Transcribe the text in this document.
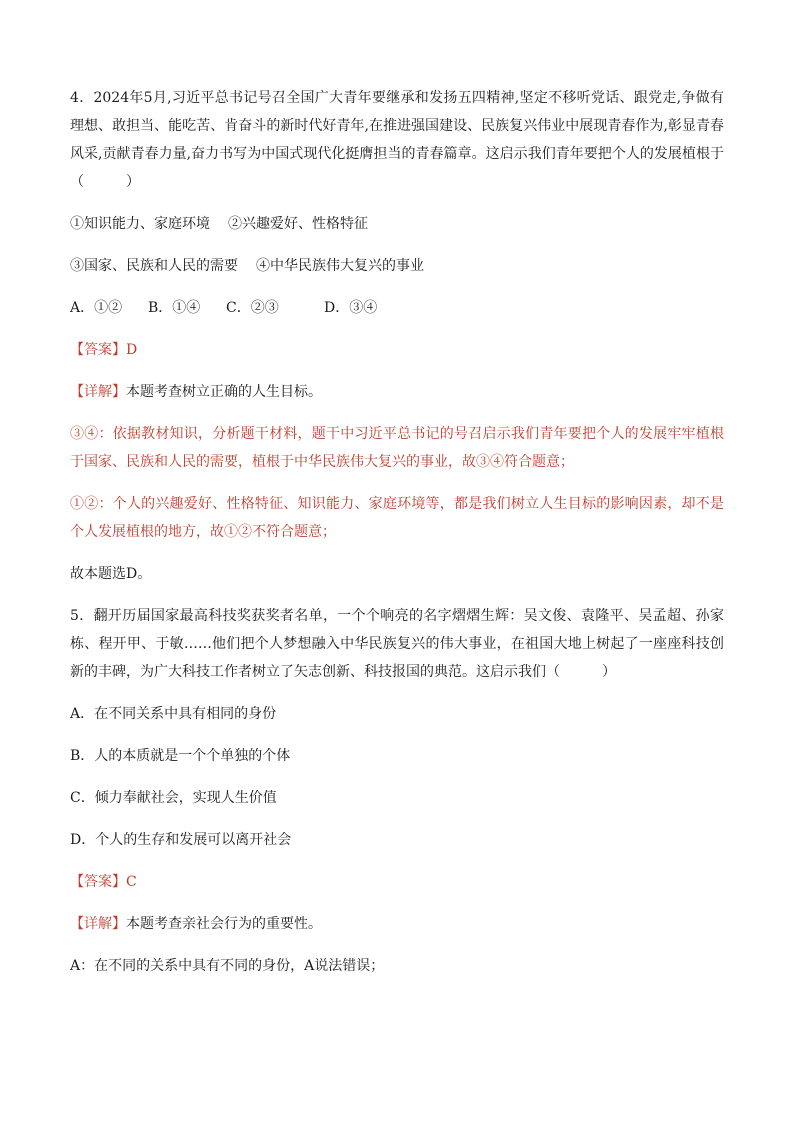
4．2024年5月,习近平总书记号召全国广大青年要继承和发扬五四精神,坚定不移听党话、跟党走,争做有理想、敢担当、能吃苦、肯奋斗的新时代好青年,在推进强国建设、民族复兴伟业中展现青春作为,彰显青春风采,贡献青春力量,奋力书写为中国式现代化挺膺担当的青春篇章。这启示我们青年要把个人的发展植根于（　　　）

①知识能力、家庭环境 ②兴趣爱好、性格特征

③国家、民族和人民的需要 ④中华民族伟大复兴的事业

A．①② B．①④ C．②③	D．③④

【答案】D

【详解】本题考查树立正确的人生目标。

③④：依据教材知识，分析题干材料，题干中习近平总书记的号召启示我们青年要把个人的发展牢牢植根于国家、民族和人民的需要，植根于中华民族伟大复兴的事业，故③④符合题意；

①②：个人的兴趣爱好、性格特征、知识能力、家庭环境等，都是我们树立人生目标的影响因素，却不是个人发展植根的地方，故①②不符合题意；

故本题选D。

5．翻开历届国家最高科技奖获奖者名单，一个个响亮的名字熠熠生辉：吴文俊、袁隆平、吴孟超、孙家栋、程开甲、于敏……他们把个人梦想融入中华民族复兴的伟大事业，在祖国大地上树起了一座座科技创新的丰碑，为广大科技工作者树立了矢志创新、科技报国的典范。这启示我们（　　　）

A．在不同关系中具有相同的身份

B．人的本质就是一个个单独的个体

C．倾力奉献社会，实现人生价值

D．个人的生存和发展可以离开社会

【答案】C

【详解】本题考查亲社会行为的重要性。

A：在不同的关系中具有不同的身份，A说法错误；
